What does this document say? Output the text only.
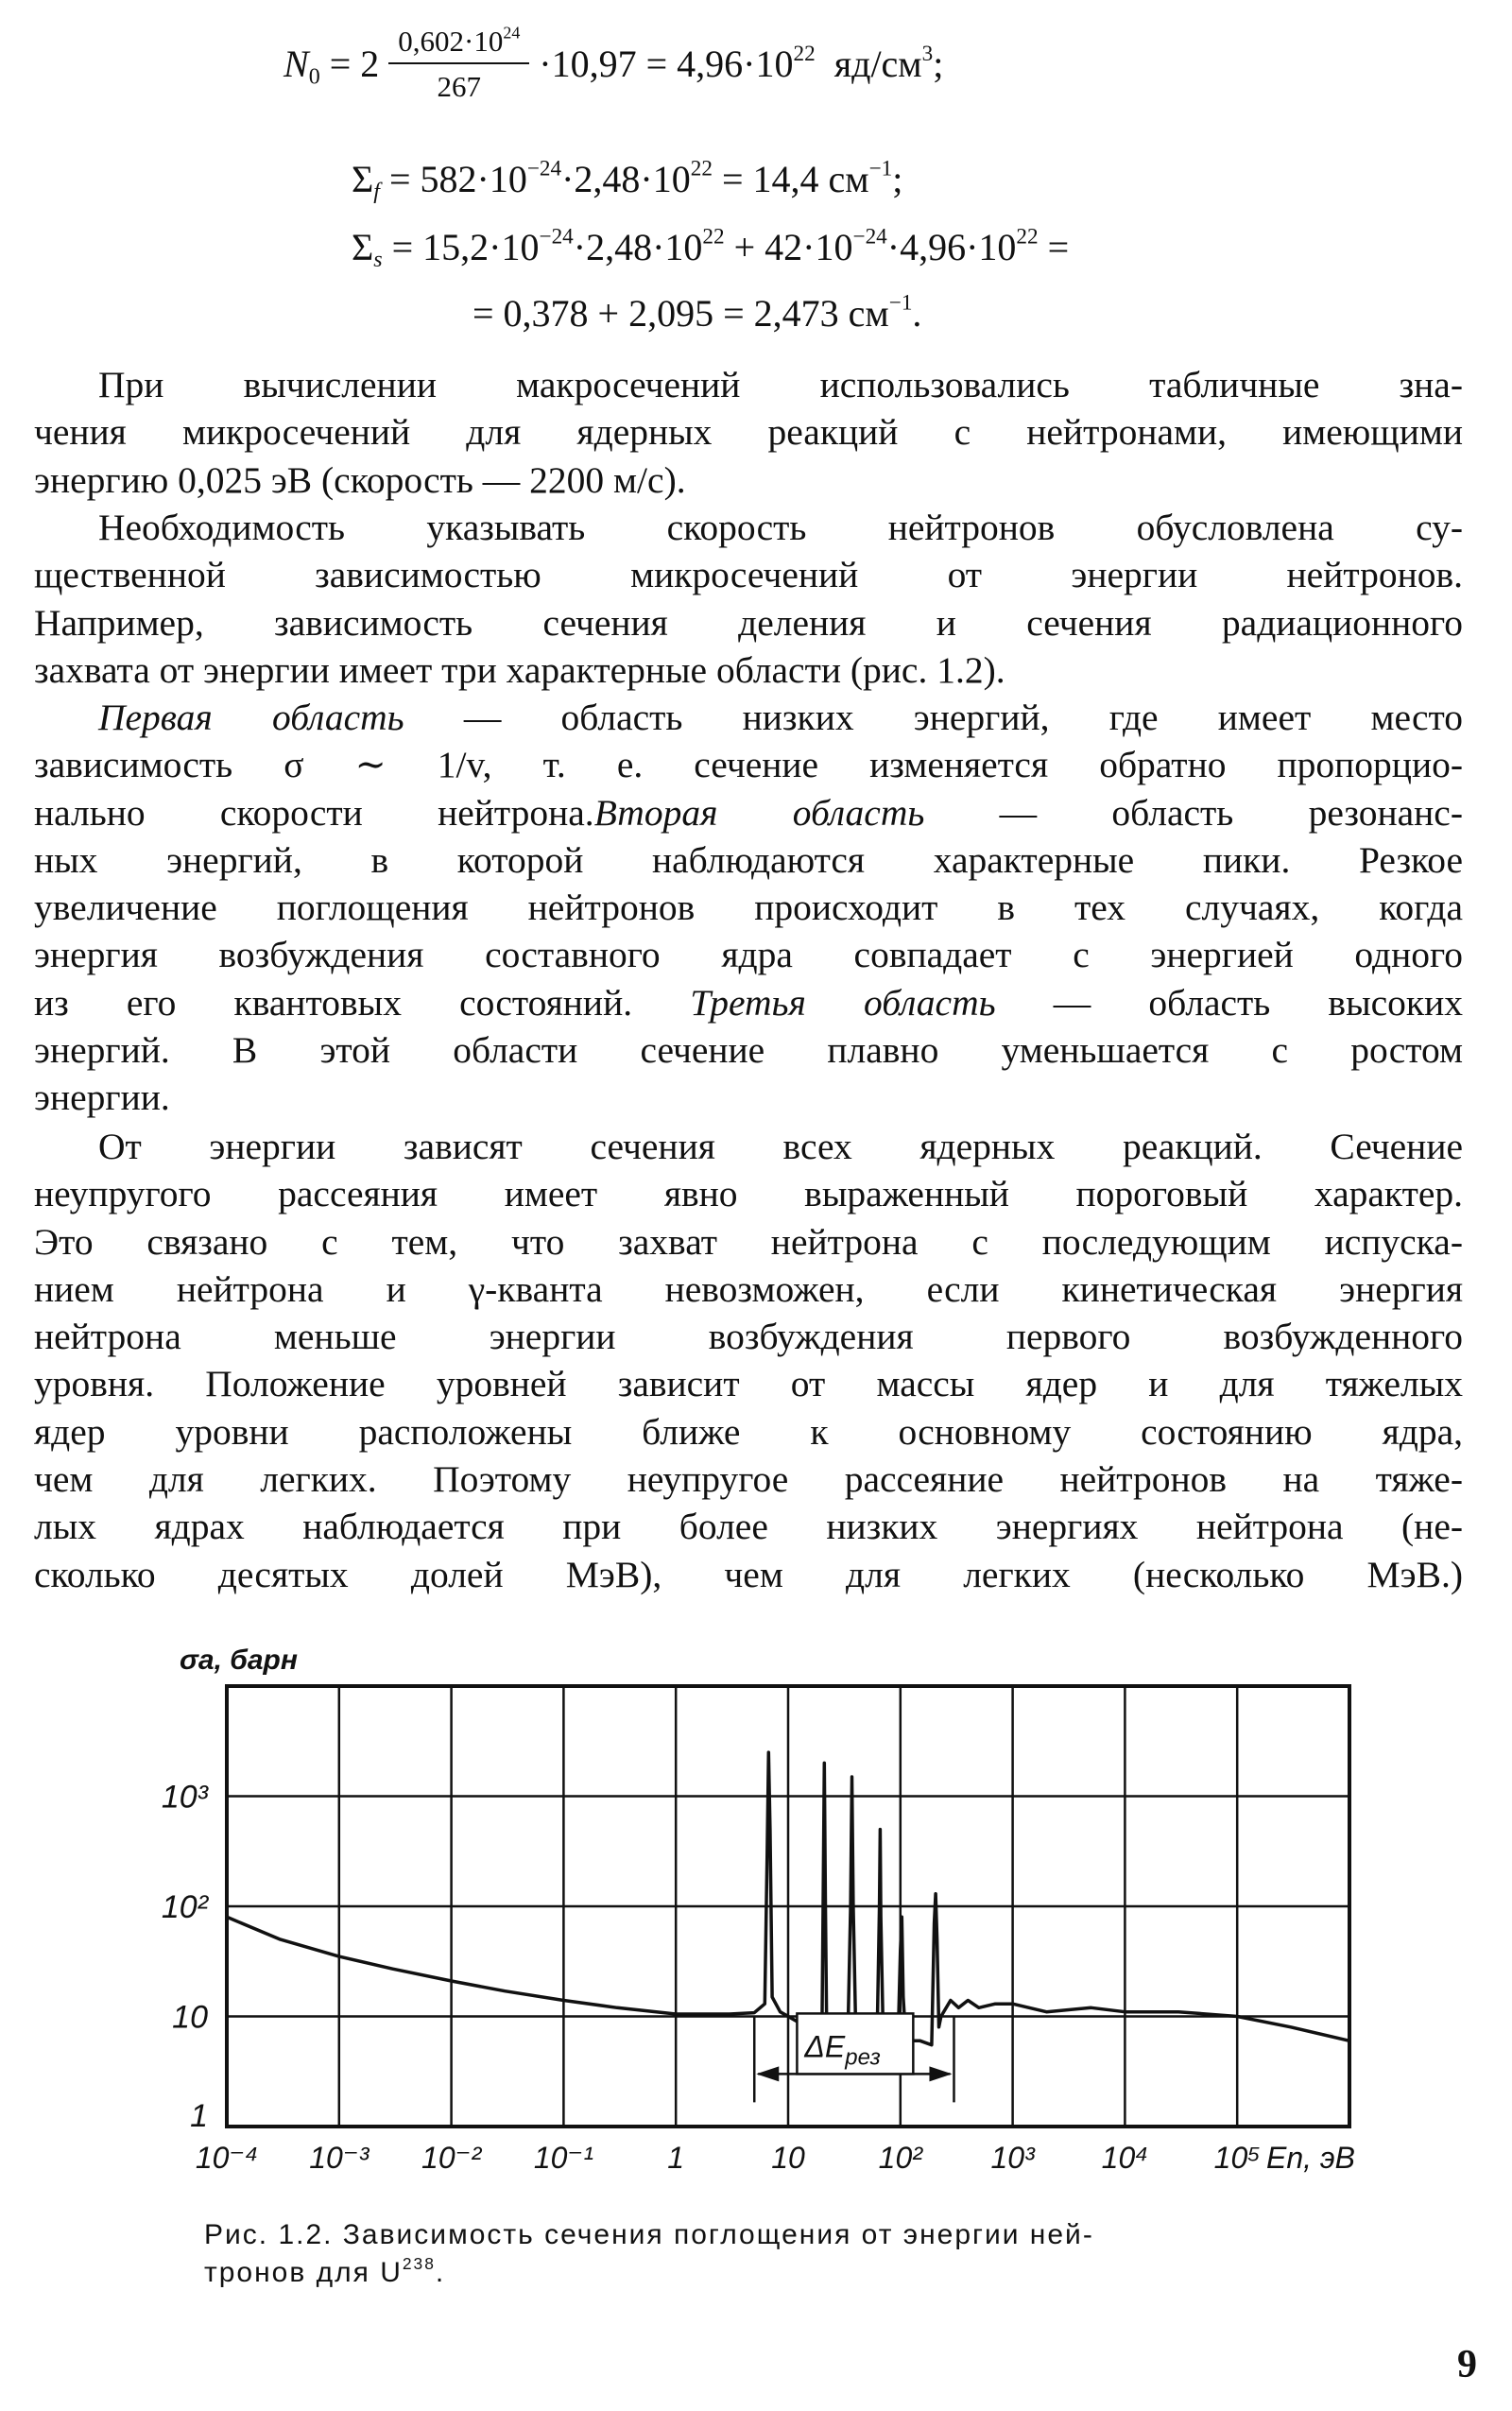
$N_0 = 2 \frac{0,602\cdot 10^{24}}{267} \cdot 10,97 = 4,96\cdot 10^{22}$ $яд/см^3$;
$\Sigma_f = 582\cdot 10^{-24}\cdot 2,48\cdot 10^{22} = 14,4$ $см^{-1}$;
$\Sigma_s = 15,2\cdot 10^{-24}\cdot 2,48\cdot 10^{22} + 42\cdot 10^{-24}\cdot 4,96\cdot 10^{22}$ =
= 0,378 + 2,095 = 2,473 $см^{-1}$.
При вычислении макросечений использовались табличные зна-
чения микросечений для ядерных реакций с нейтронами, имеющими
энергию 0,025 эВ (скорость — 2200 м/с).
Необходимость указывать скорость нейтронов обусловлена су-
щественной зависимостью микросечений от энергии нейтронов.
Например, зависимость сечения деления и сечения радиационного
захвата от энергии имеет три характерные области (рис. 1.2).
Первая область — область низких энергий, где имеет место
зависимость σ ∼ 1/v, т. е. сечение изменяется обратно пропорцио-
нально скорости нейтрона.Вторая область — область резонанс-
ных энергий, в которой наблюдаются характерные пики. Резкое
увеличение поглощения нейтронов происходит в тех случаях, когда
энергия возбуждения составного ядра совпадает с энергией одного
из его квантовых состояний. Третья область — область высоких
энергий. В этой области сечение плавно уменьшается с ростом
энергии.
От энергии зависят сечения всех ядерных реакций. Сечение
неупругого рассеяния имеет явно выраженный пороговый характер.
Это связано с тем, что захват нейтрона с последующим испуска-
нием нейтрона и γ-кванта невозможен, если кинетическая энергия
нейтрона меньше энергии возбуждения первого возбужденного
уровня. Положение уровней зависит от массы ядер и для тяжелых
ядер уровни расположены ближе к основному состоянию ядра,
чем для легких. Поэтому неупругое рассеяние нейтронов на тяже-
лых ядрах наблюдается при более низких энергиях нейтрона (не-
сколько десятых долей МэВ), чем для легких (несколько МэВ.)
1
10
10²
10³
10⁻⁴ 10⁻³ 10⁻² 10⁻¹ 1	10 10² 10³ 10⁴ 10⁵ En, эВ
σa, барн
$\Delta E_{рез}$
Рис. 1.2. Зависимость сечения поглощения от энергии ней-
тронов для $U^{238}$.
9
